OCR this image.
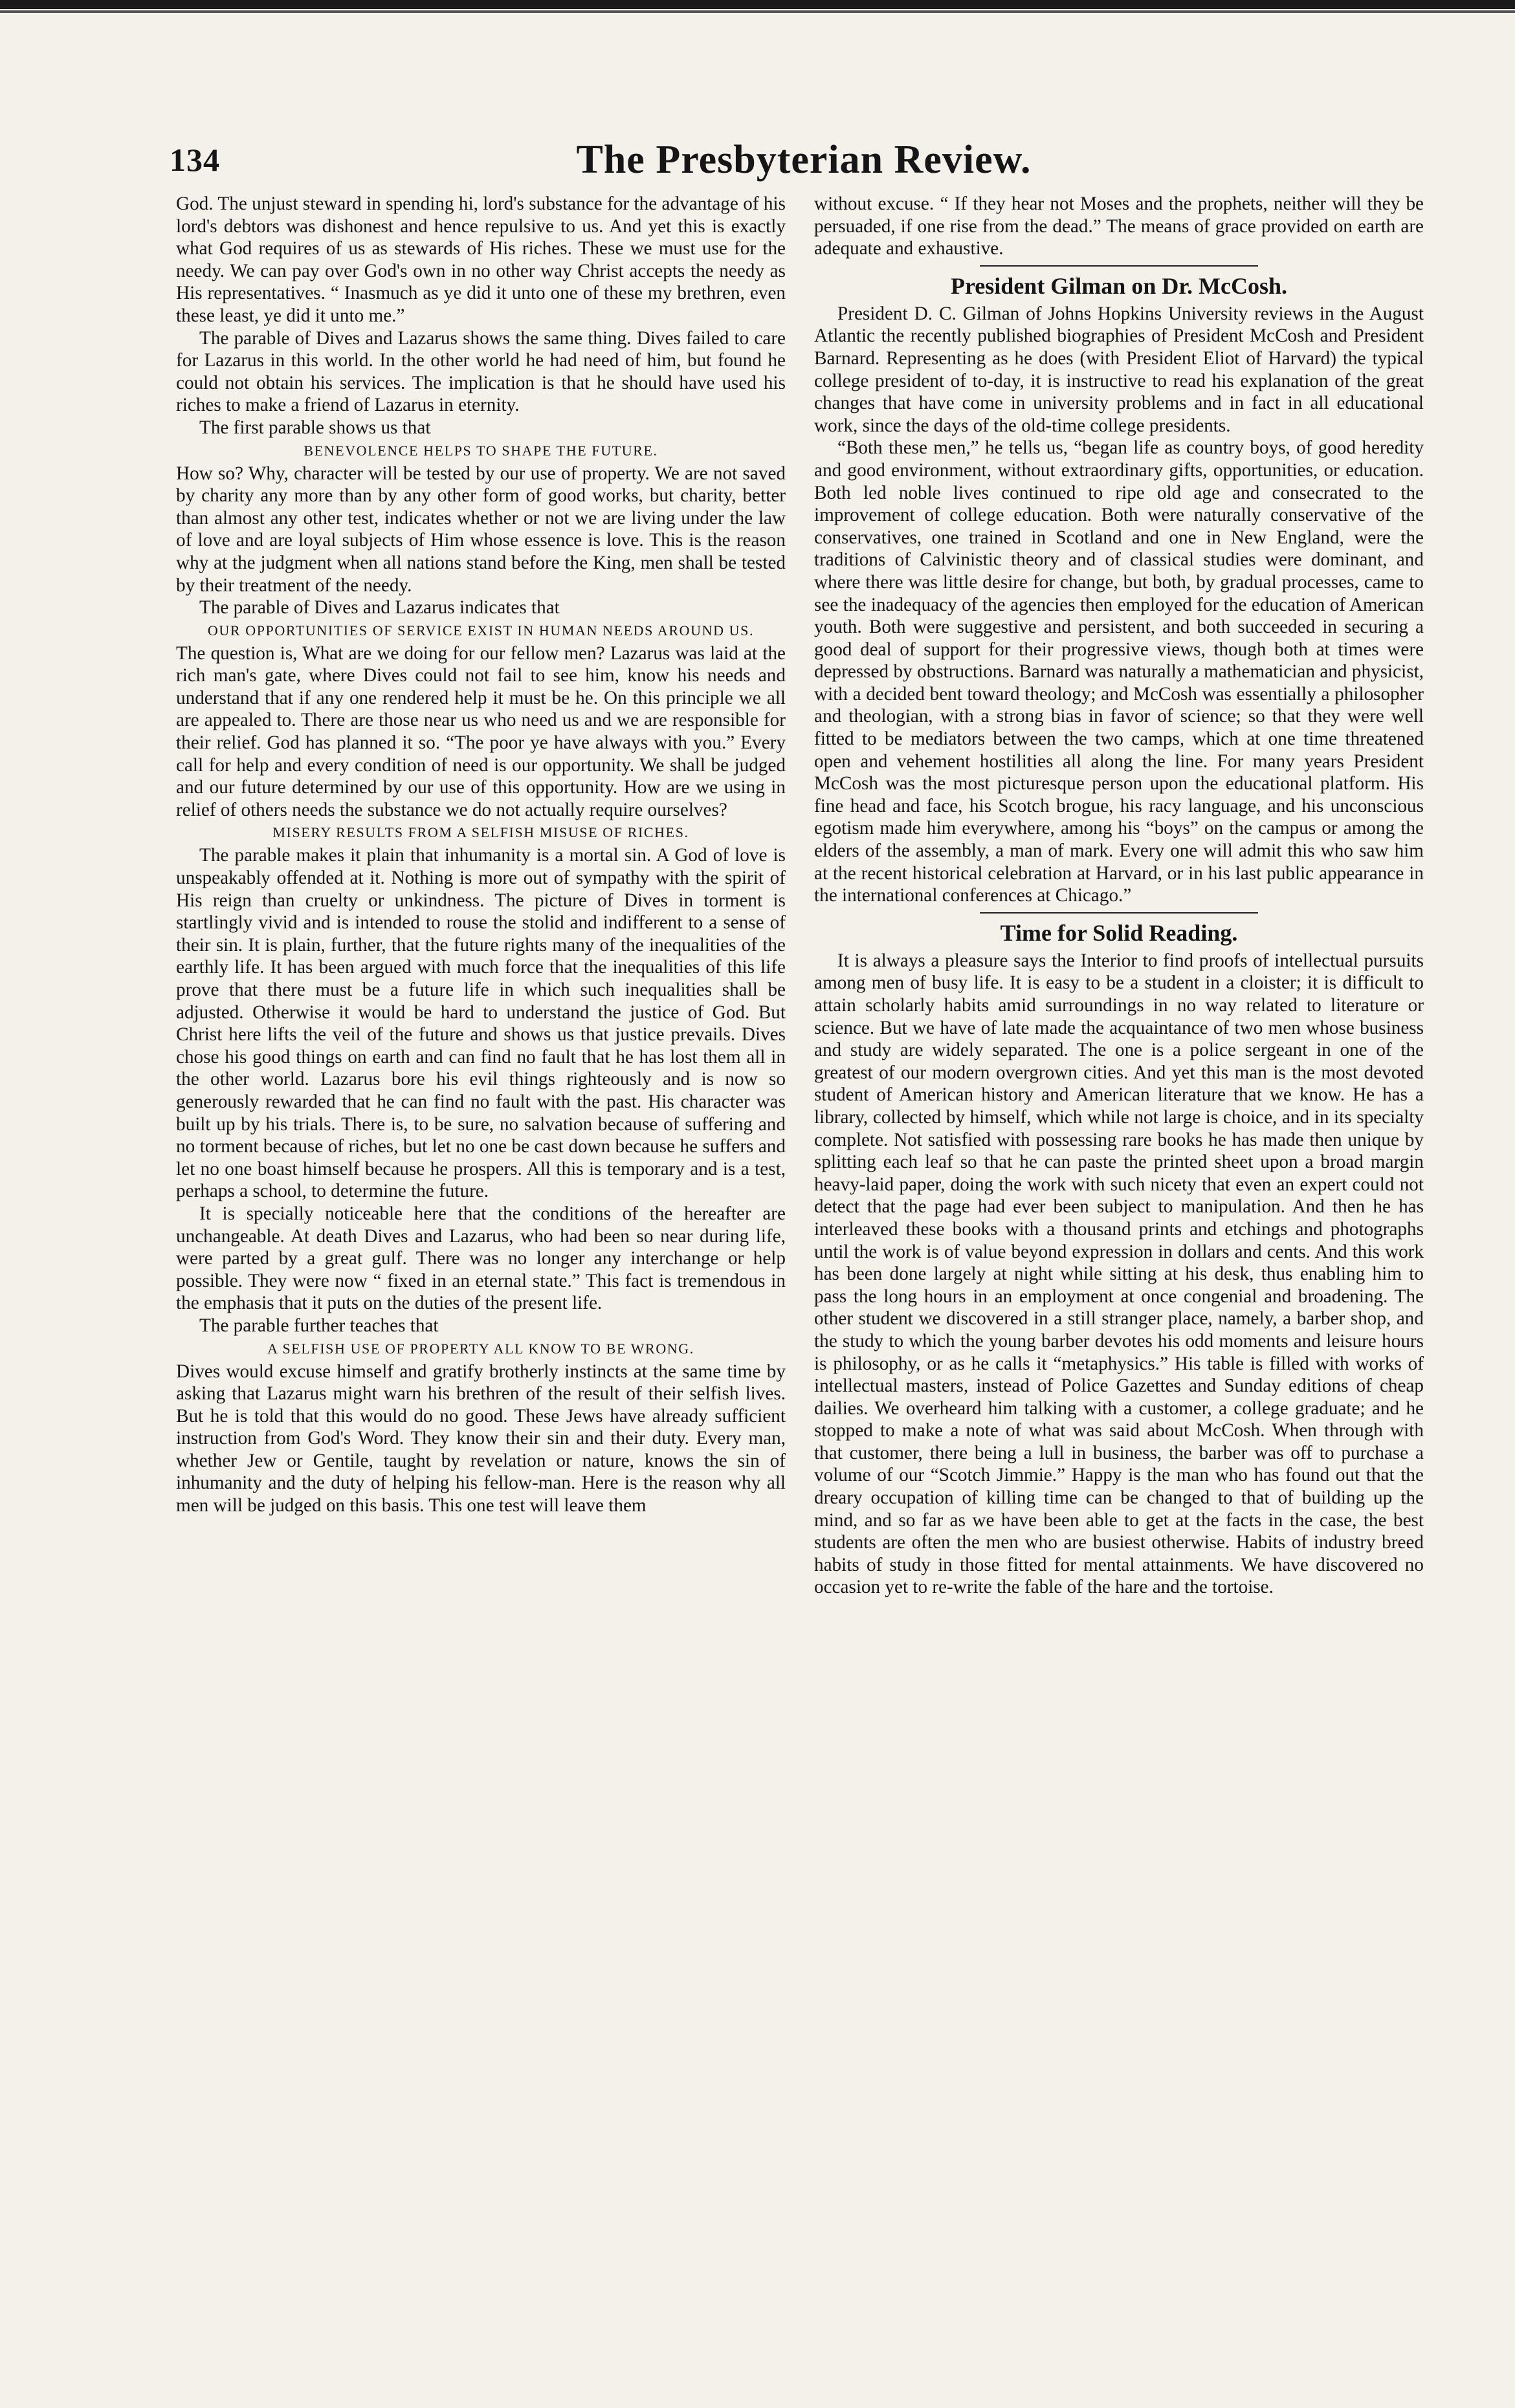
134	The Presbyterian Review.

God. The unjust steward in spending hi, lord's substance for the advantage of his lord's debtors was dishonest and hence repulsive to us. And yet this is exactly what God requires of us as stewards of His riches. These we must use for the needy. We can pay over God's own in no other way Christ accepts the needy as His representatives. “ Inasmuch as ye did it unto one of these my brethren, even these least, ye did it unto me.”

The parable of Dives and Lazarus shows the same thing. Dives failed to care for Lazarus in this world. In the other world he had need of him, but found he could not obtain his services. The implication is that he should have used his riches to make a friend of Lazarus in eternity.

The first parable shows us that

BENEVOLENCE HELPS TO SHAPE THE FUTURE.

How so? Why, character will be tested by our use of property. We are not saved by charity any more than by any other form of good works, but charity, better than almost any other test, indicates whether or not we are living under the law of love and are loyal subjects of Him whose essence is love. This is the reason why at the judgment when all nations stand before the King, men shall be tested by their treatment of the needy.

The parable of Dives and Lazarus indicates that

OUR OPPORTUNITIES OF SERVICE EXIST IN HUMAN NEEDS AROUND US.

The question is, What are we doing for our fellow men? Lazarus was laid at the rich man's gate, where Dives could not fail to see him, know his needs and understand that if any one rendered help it must be he. On this principle we all are appealed to. There are those near us who need us and we are responsible for their relief. God has planned it so. “The poor ye have always with you.” Every call for help and every condition of need is our opportunity. We shall be judged and our future determined by our use of this opportunity. How are we using in relief of others needs the substance we do not actually require ourselves?

MISERY RESULTS FROM A SELFISH MISUSE OF RICHES.

The parable makes it plain that inhumanity is a mortal sin. A God of love is unspeakably offended at it. Nothing is more out of sympathy with the spirit of His reign than cruelty or unkindness. The picture of Dives in torment is startlingly vivid and is intended to rouse the stolid and indifferent to a sense of their sin. It is plain, further, that the future rights many of the inequalities of the earthly life. It has been argued with much force that the inequalities of this life prove that there must be a future life in which such inequalities shall be adjusted. Otherwise it would be hard to understand the justice of God. But Christ here lifts the veil of the future and shows us that justice prevails. Dives chose his good things on earth and can find no fault that he has lost them all in the other world. Lazarus bore his evil things righteously and is now so generously rewarded that he can find no fault with the past. His character was built up by his trials. There is, to be sure, no salvation because of suffering and no torment because of riches, but let no one be cast down because he suffers and let no one boast himself because he prospers. All this is temporary and is a test, perhaps a school, to determine the future.

It is specially noticeable here that the conditions of the hereafter are unchangeable. At death Dives and Lazarus, who had been so near during life, were parted by a great gulf. There was no longer any interchange or help possible. They were now “ fixed in an eternal state.” This fact is tremendous in the emphasis that it puts on the duties of the present life.

The parable further teaches that

A SELFISH USE OF PROPERTY ALL KNOW TO BE WRONG.

Dives would excuse himself and gratify brotherly instincts at the same time by asking that Lazarus might warn his brethren of the result of their selfish lives. But he is told that this would do no good. These Jews have already sufficient instruction from God's Word. They know their sin and their duty. Every man, whether Jew or Gentile, taught by revelation or nature, knows the sin of inhumanity and the duty of helping his fellow-man. Here is the reason why all men will be judged on this basis. This one test will leave them

without excuse. “ If they hear not Moses and the prophets, neither will they be persuaded, if one rise from the dead.” The means of grace provided on earth are adequate and exhaustive.

President Gilman on Dr. McCosh.

President D. C. Gilman of Johns Hopkins University reviews in the August Atlantic the recently published biographies of President McCosh and President Barnard. Representing as he does (with President Eliot of Harvard) the typical college president of to-day, it is instructive to read his explanation of the great changes that have come in university problems and in fact in all educational work, since the days of the old-time college presidents.

“Both these men,” he tells us, “began life as country boys, of good heredity and good environment, without extraordinary gifts, opportunities, or education. Both led noble lives continued to ripe old age and consecrated to the improvement of college education. Both were naturally conservative of the conservatives, one trained in Scotland and one in New England, were the traditions of Calvinistic theory and of classical studies were dominant, and where there was little desire for change, but both, by gradual processes, came to see the inadequacy of the agencies then employed for the education of American youth. Both were suggestive and persistent, and both succeeded in securing a good deal of support for their progressive views, though both at times were depressed by obstructions. Barnard was naturally a mathematician and physicist, with a decided bent toward theology; and McCosh was essentially a philosopher and theologian, with a strong bias in favor of science; so that they were well fitted to be mediators between the two camps, which at one time threatened open and vehement hostilities all along the line. For many years President McCosh was the most picturesque person upon the educational platform. His fine head and face, his Scotch brogue, his racy language, and his unconscious egotism made him everywhere, among his “boys” on the campus or among the elders of the assembly, a man of mark. Every one will admit this who saw him at the recent historical celebration at Harvard, or in his last public appearance in the international conferences at Chicago.”

Time for Solid Reading.

It is always a pleasure says the Interior to find proofs of intellectual pursuits among men of busy life. It is easy to be a student in a cloister; it is difficult to attain scholarly habits amid surroundings in no way related to literature or science. But we have of late made the acquaintance of two men whose business and study are widely separated. The one is a police sergeant in one of the greatest of our modern overgrown cities. And yet this man is the most devoted student of American history and American literature that we know. He has a library, collected by himself, which while not large is choice, and in its specialty complete. Not satisfied with possessing rare books he has made then unique by splitting each leaf so that he can paste the printed sheet upon a broad margin heavy-laid paper, doing the work with such nicety that even an expert could not detect that the page had ever been subject to manipulation. And then he has interleaved these books with a thousand prints and etchings and photographs until the work is of value beyond expression in dollars and cents. And this work has been done largely at night while sitting at his desk, thus enabling him to pass the long hours in an employment at once congenial and broadening. The other student we discovered in a still stranger place, namely, a barber shop, and the study to which the young barber devotes his odd moments and leisure hours is philosophy, or as he calls it “metaphysics.” His table is filled with works of intellectual masters, instead of Police Gazettes and Sunday editions of cheap dailies. We overheard him talking with a customer, a college graduate; and he stopped to make a note of what was said about McCosh. When through with that customer, there being a lull in business, the barber was off to purchase a volume of our “Scotch Jimmie.” Happy is the man who has found out that the dreary occupation of killing time can be changed to that of building up the mind, and so far as we have been able to get at the facts in the case, the best students are often the men who are busiest otherwise. Habits of industry breed habits of study in those fitted for mental attainments. We have discovered no occasion yet to re-write the fable of the hare and the tortoise.
